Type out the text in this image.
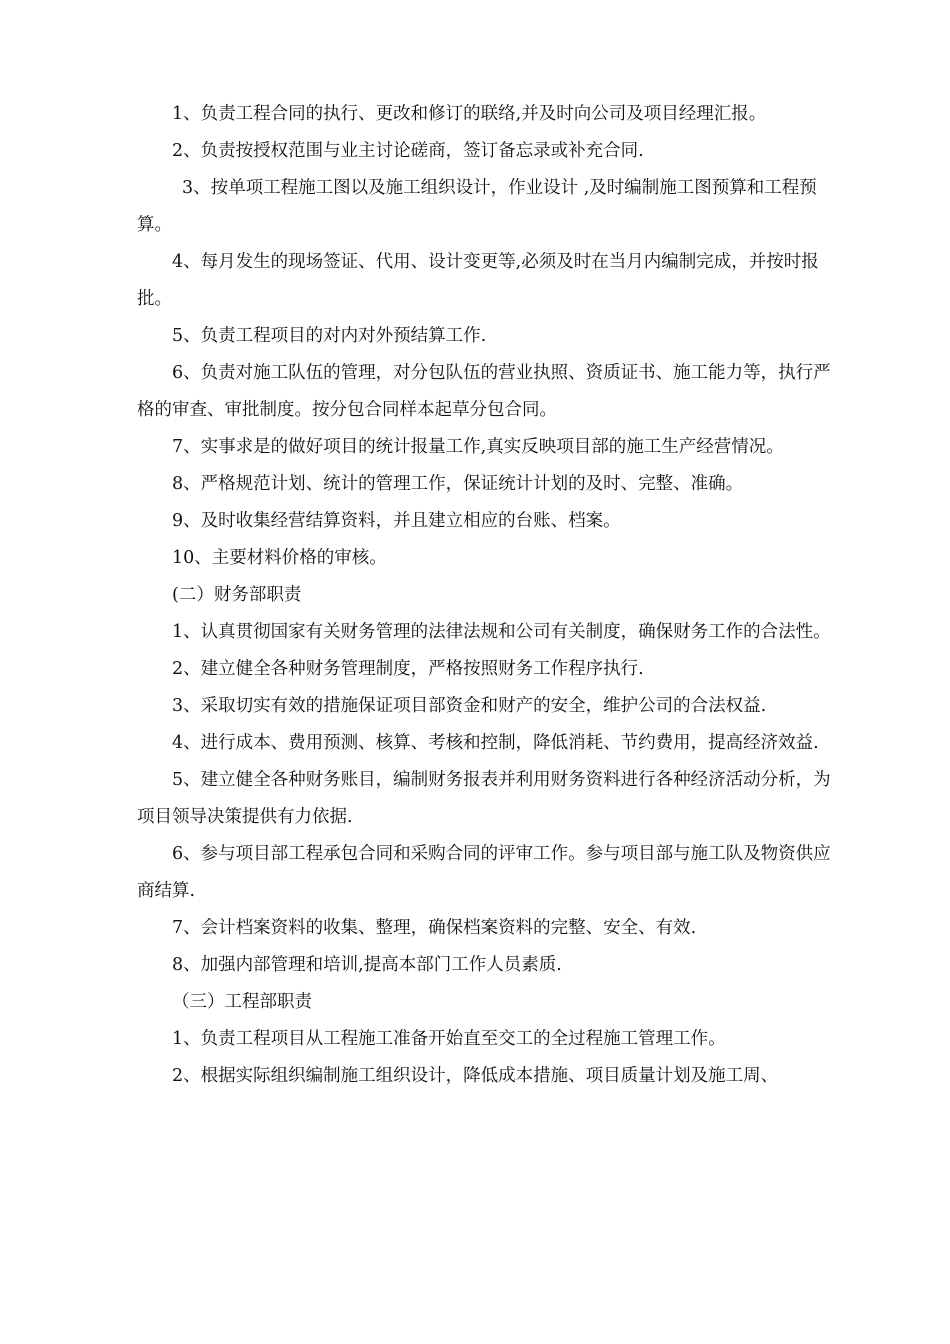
1、负责工程合同的执行、更改和修订的联络,并及时向公司及项目经理汇报。

2、负责按授权范围与业主讨论磋商，签订备忘录或补充合同.

3、按单项工程施工图以及施工组织设计，作业设计 ,及时编制施工图预算和工程预算。

4、每月发生的现场签证、代用、设计变更等,必须及时在当月内编制完成，并按时报批。

5、负责工程项目的对内对外预结算工作.

6、负责对施工队伍的管理，对分包队伍的营业执照、资质证书、施工能力等，执行严格的审查、审批制度。按分包合同样本起草分包合同。

7、实事求是的做好项目的统计报量工作,真实反映项目部的施工生产经营情况。

8、严格规范计划、统计的管理工作，保证统计计划的及时、完整、准确。

9、及时收集经营结算资料，并且建立相应的台账、档案。

10、主要材料价格的审核。

(二）财务部职责

1、认真贯彻国家有关财务管理的法律法规和公司有关制度，确保财务工作的合法性。

2、建立健全各种财务管理制度，严格按照财务工作程序执行.

3、采取切实有效的措施保证项目部资金和财产的安全，维护公司的合法权益.

4、进行成本、费用预测、核算、考核和控制，降低消耗、节约费用，提高经济效益.

5、建立健全各种财务账目，编制财务报表并利用财务资料进行各种经济活动分析，为项目领导决策提供有力依据.

6、参与项目部工程承包合同和采购合同的评审工作。参与项目部与施工队及物资供应商结算.

7、会计档案资料的收集、整理，确保档案资料的完整、安全、有效.

8、加强内部管理和培训,提高本部门工作人员素质.

（三）工程部职责

1、负责工程项目从工程施工准备开始直至交工的全过程施工管理工作。

2、根据实际组织编制施工组织设计，降低成本措施、项目质量计划及施工周、
